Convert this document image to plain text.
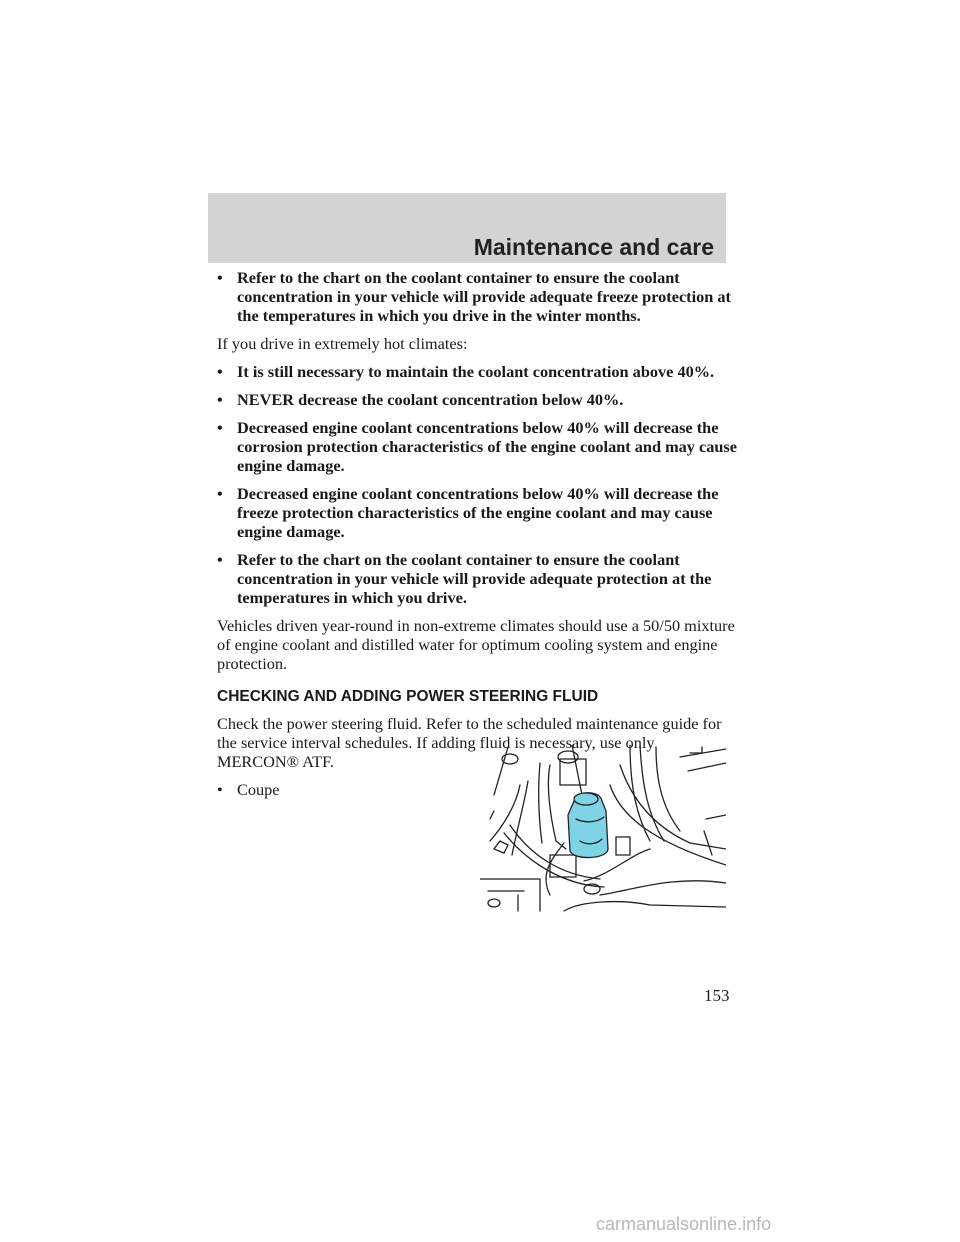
Maintenance and care
• Refer to the chart on the coolant container to ensure the coolant concentration in your vehicle will provide adequate freeze protection at the temperatures in which you drive in the winter months.

If you drive in extremely hot climates:

• It is still necessary to maintain the coolant concentration above 40%.
• NEVER decrease the coolant concentration below 40%.
• Decreased engine coolant concentrations below 40% will decrease the corrosion protection characteristics of the engine coolant and may cause engine damage.
• Decreased engine coolant concentrations below 40% will decrease the freeze protection characteristics of the engine coolant and may cause engine damage.
• Refer to the chart on the coolant container to ensure the coolant concentration in your vehicle will provide adequate protection at the temperatures in which you drive.

Vehicles driven year-round in non-extreme climates should use a 50/50 mixture of engine coolant and distilled water for optimum cooling system and engine protection.

CHECKING AND ADDING POWER STEERING FLUID

Check the power steering fluid. Refer to the scheduled maintenance guide for the service interval schedules. If adding fluid is necessary, use only MERCON® ATF.

• Coupe
153
carmanualsonline.info
